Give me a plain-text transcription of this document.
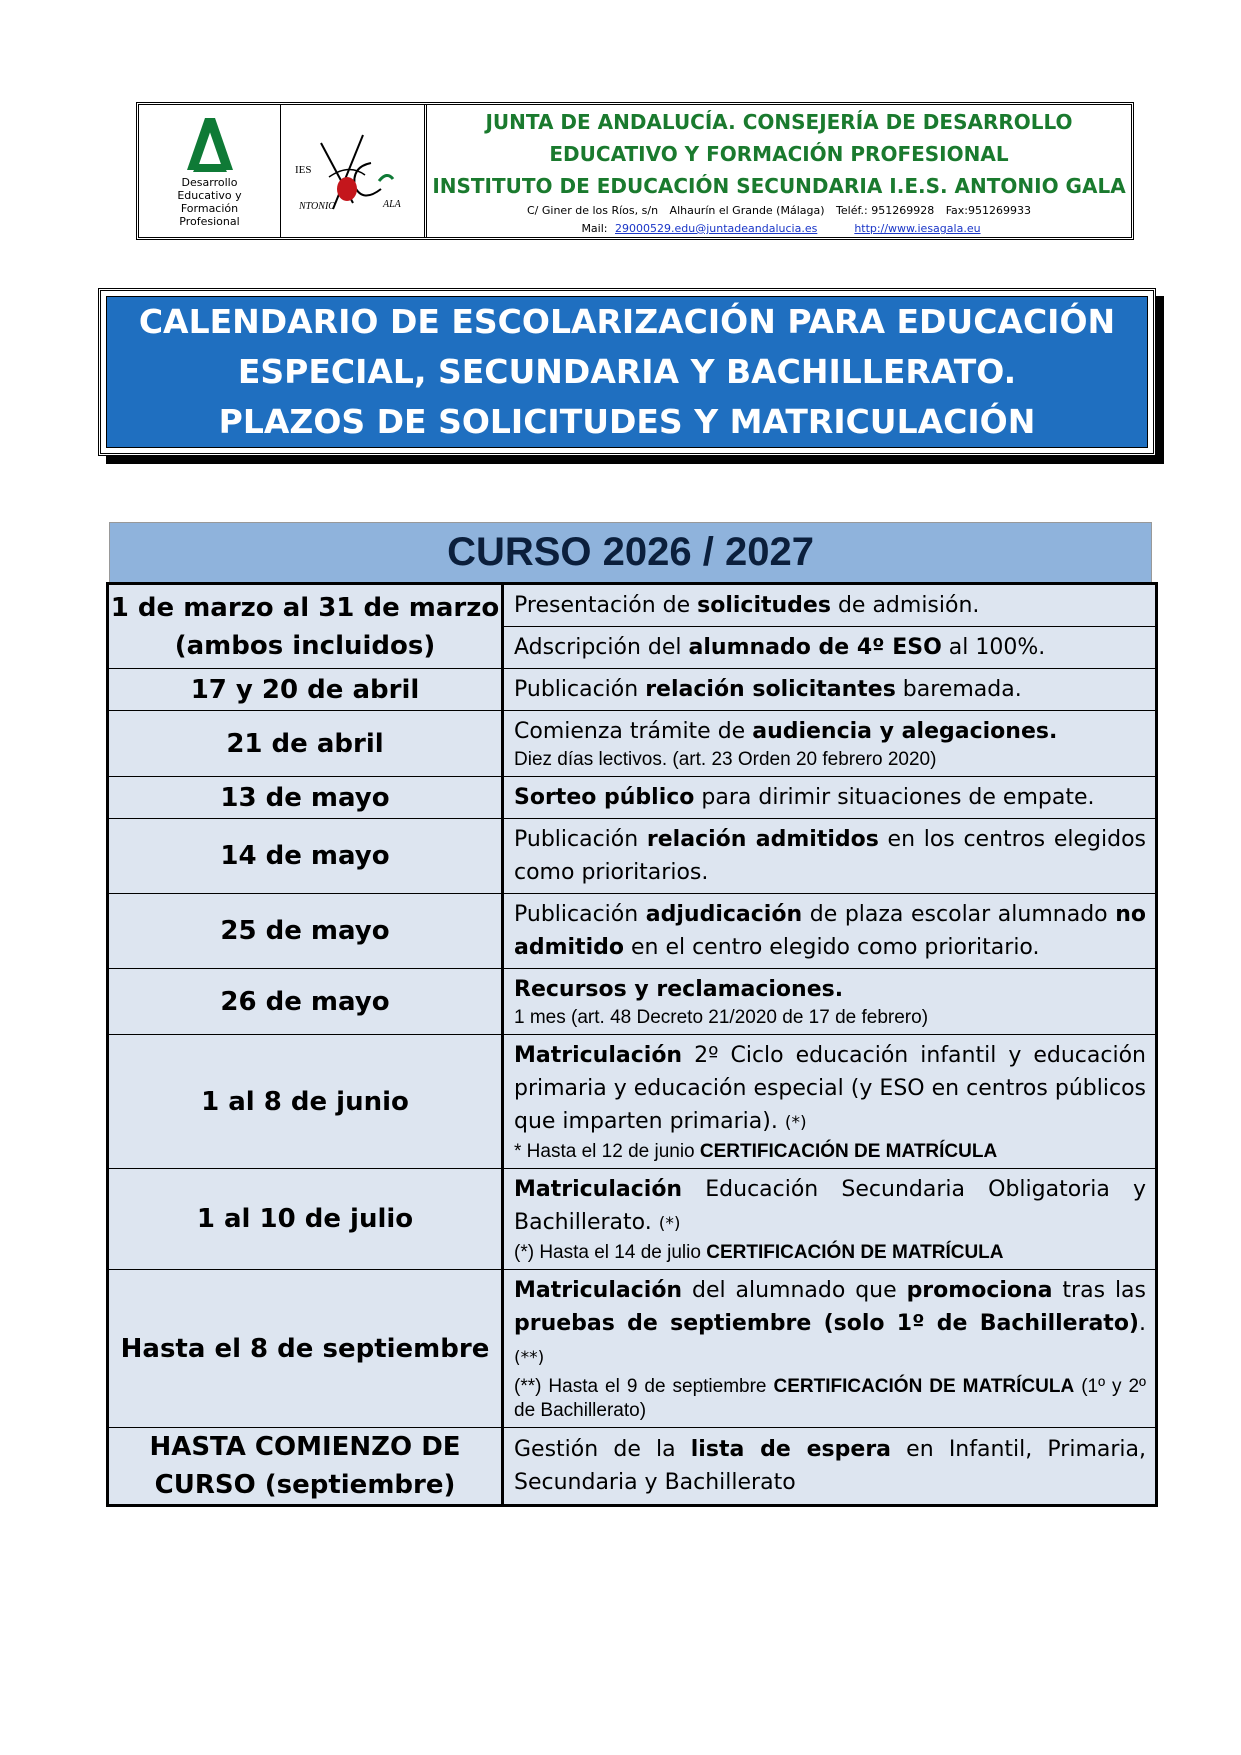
Desarrollo
Educativo y
Formación
Profesional
IES
NTONIO	ALA
JUNTA DE ANDALUCÍA. CONSEJERÍA DE DESARROLLO
EDUCATIVO Y FORMACIÓN PROFESIONAL
INSTITUTO DE EDUCACIÓN SECUNDARIA I.E.S. ANTONIO GALA
C/ Giner de los Ríos, s/n Alhaurín el Grande (Málaga) Teléf.: 951269928 Fax:951269933
Mail: 29000529.edu@juntadeandalucia.es	http://www.iesagala.eu
CALENDARIO DE ESCOLARIZACIÓN PARA EDUCACIÓN
ESPECIAL, SECUNDARIA Y BACHILLERATO.
PLAZOS DE SOLICITUDES Y MATRICULACIÓN
CURSO 2026 / 2027
1 de marzo al 31 de marzo (ambos incluidos)	Presentación de solicitudes de admisión.
	Adscripción del alumnado de 4º ESO al 100%.
17 y 20 de abril	Publicación relación solicitantes baremada.
21 de abril	Comienza trámite de audiencia y alegaciones.
Diez días lectivos. (art. 23 Orden 20 febrero 2020)

13 de mayo	Sorteo público para dirimir situaciones de empate.
14 de mayo	Publicación relación admitidos en los centros elegidos como prioritarios.
25 de mayo	Publicación adjudicación de plaza escolar alumnado no admitido en el centro elegido como prioritario.
26 de mayo	Recursos y reclamaciones.
1 mes (art. 48 Decreto 21/2020 de 17 de febrero)

1 al 8 de junio	Matriculación 2º Ciclo educación infantil y educación primaria y educación especial (y ESO en centros públicos que imparten primaria). (*)
* Hasta el 12 de junio CERTIFICACIÓN DE MATRÍCULA

1 al 10 de julio	Matriculación Educación Secundaria Obligatoria y Bachillerato. (*)
(*) Hasta el 14 de julio CERTIFICACIÓN DE MATRÍCULA

Hasta el 8 de septiembre	Matriculación del alumnado que promociona tras las pruebas de septiembre (solo 1º de Bachillerato). (**)
(**) Hasta el 9 de septiembre CERTIFICACIÓN DE MATRÍCULA (1º y 2º de Bachillerato)

HASTA COMIENZO DE CURSO (septiembre)	Gestión de la lista de espera en Infantil, Primaria, Secundaria y Bachillerato
